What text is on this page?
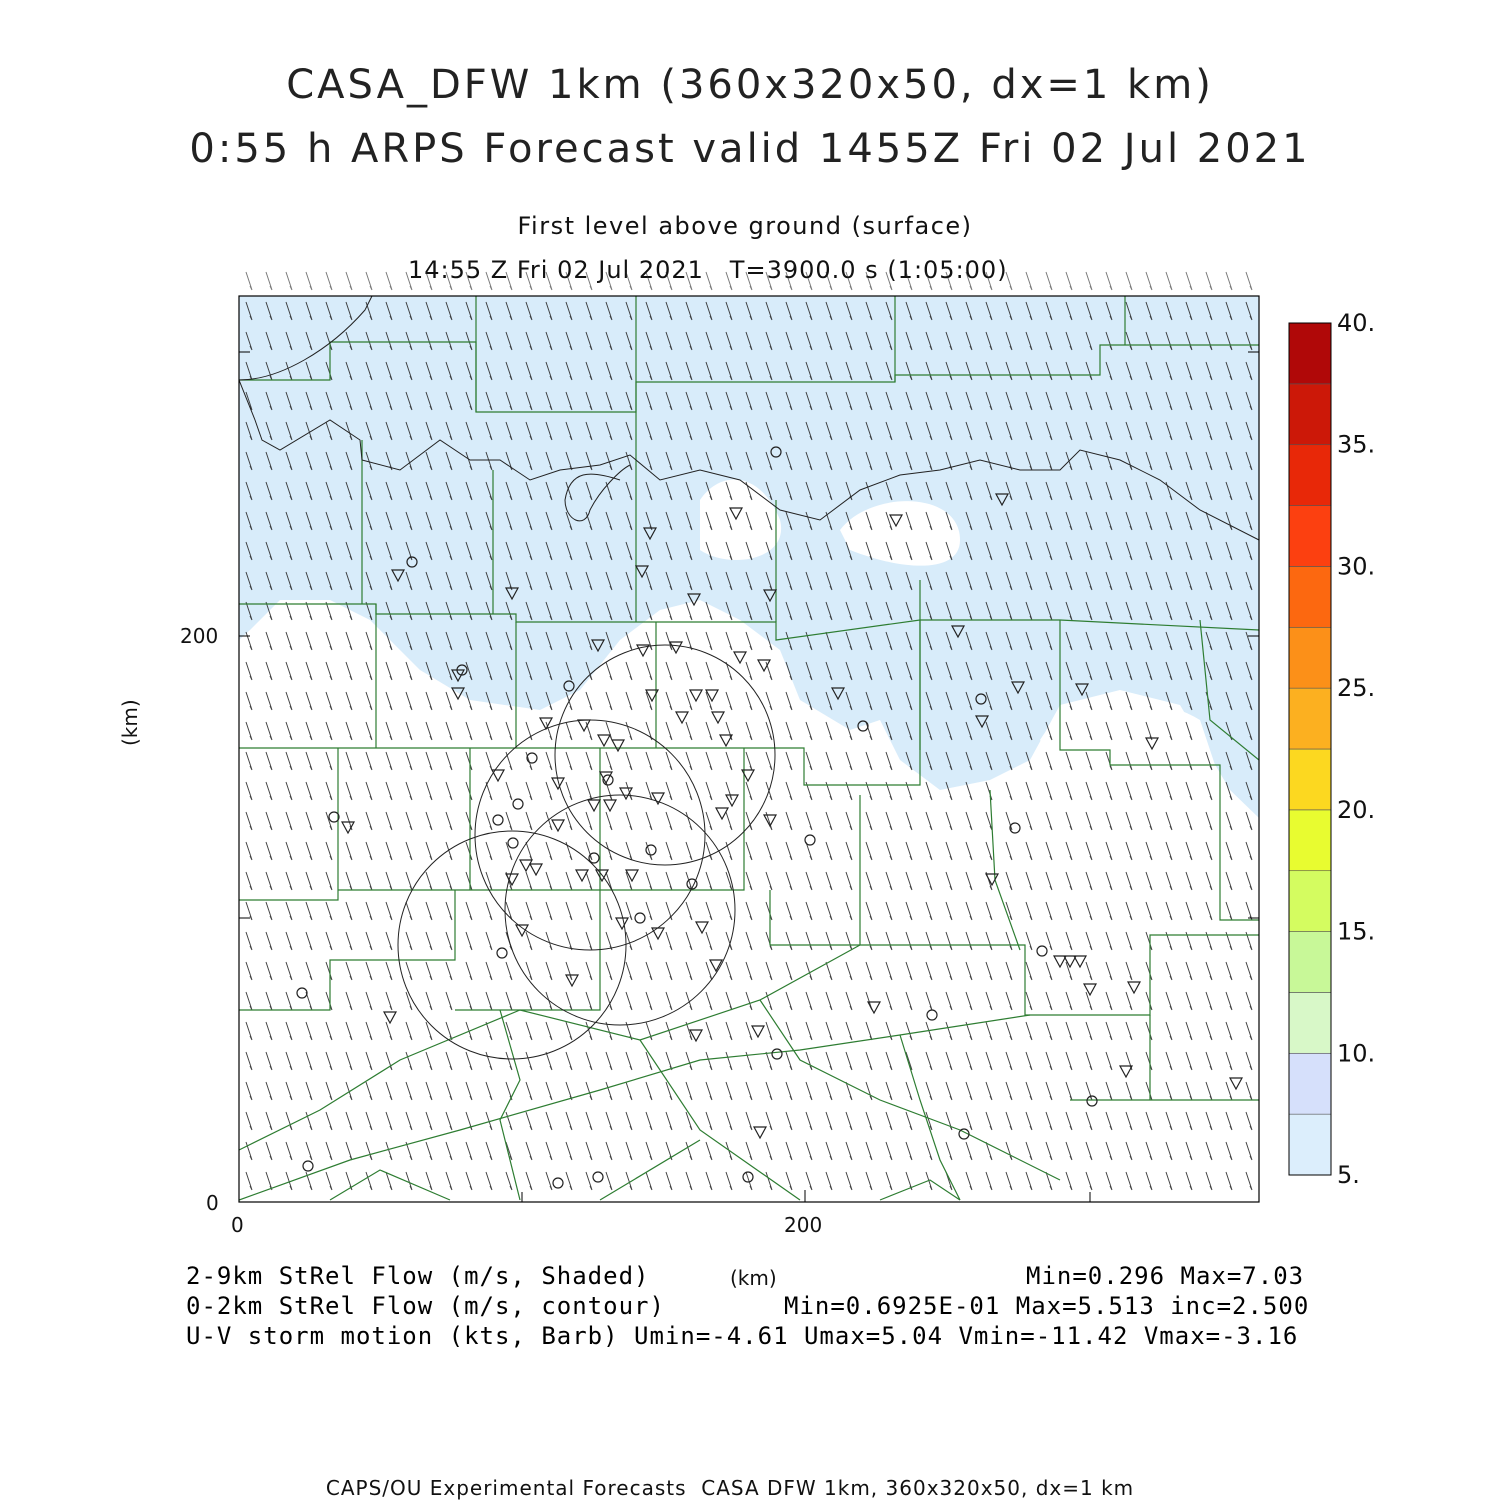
CASA_DFW 1km (360x320x50, dx=1 km)
0:55 h ARPS Forecast valid 1455Z Fri 02 Jul 2021
First level above ground (surface)
(km)
0
200
0	200
5.
10.
15.
20.
25.
30.
35.
40.
(km)
2-9km StRel Flow (m/s, Shaded)	Min=0.296 Max=7.03
0-2km StRel Flow (m/s, contour)	Min=0.6925E-01 Max=5.513 inc=2.500
U-V storm motion (kts, Barb) Umin=-4.61 Umax=5.04 Vmin=-11.42 Vmax=-3.16
CAPS/OU Experimental Forecasts  CASA DFW 1km, 360x320x50, dx=1 km
